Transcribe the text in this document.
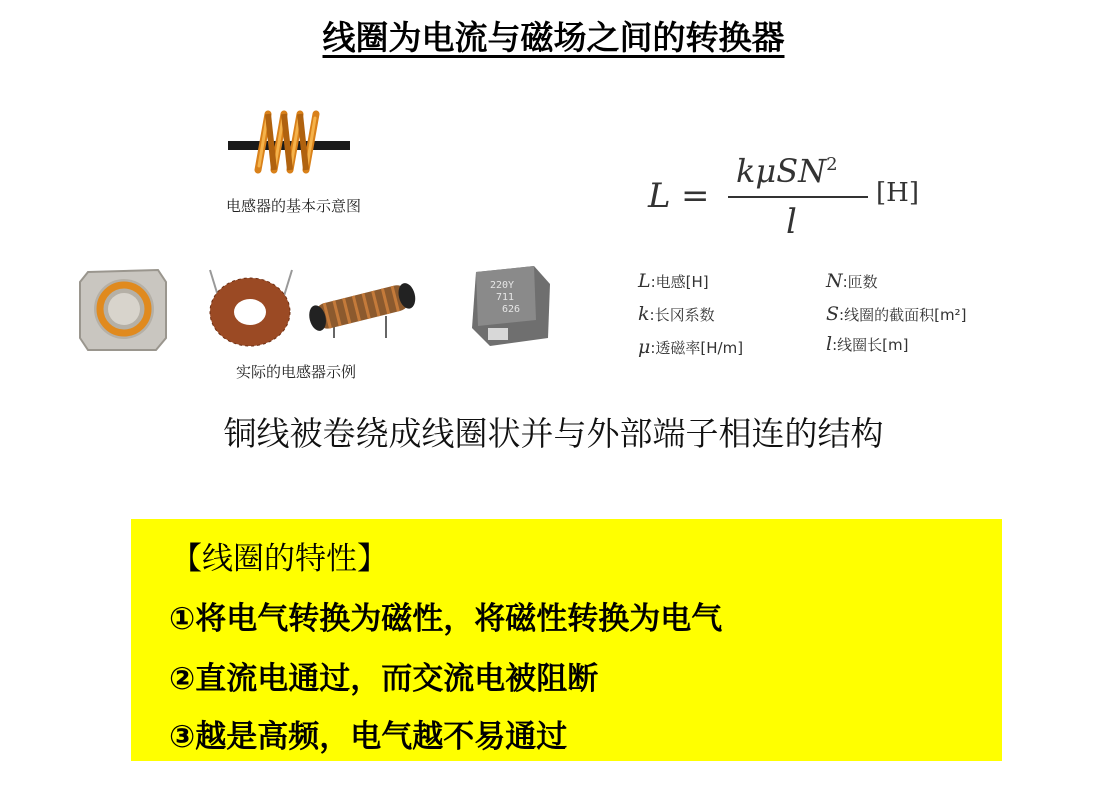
线圈为电流与磁场之间的转换器
电感器的基本示意图
220Y
711
626
实际的电感器示例
L =
kμSN$^2$
l
[H]
L:电感[H]	N:匝数
k:长冈系数	S:线圈的截面积[m²]
μ:透磁率[H/m]	l:线圈长[m]
铜线被卷绕成线圈状并与外部端子相连的结构
【线圈的特性】
①将电气转换为磁性，将磁性转换为电气
②直流电通过，而交流电被阻断
③越是高频，电气越不易通过
